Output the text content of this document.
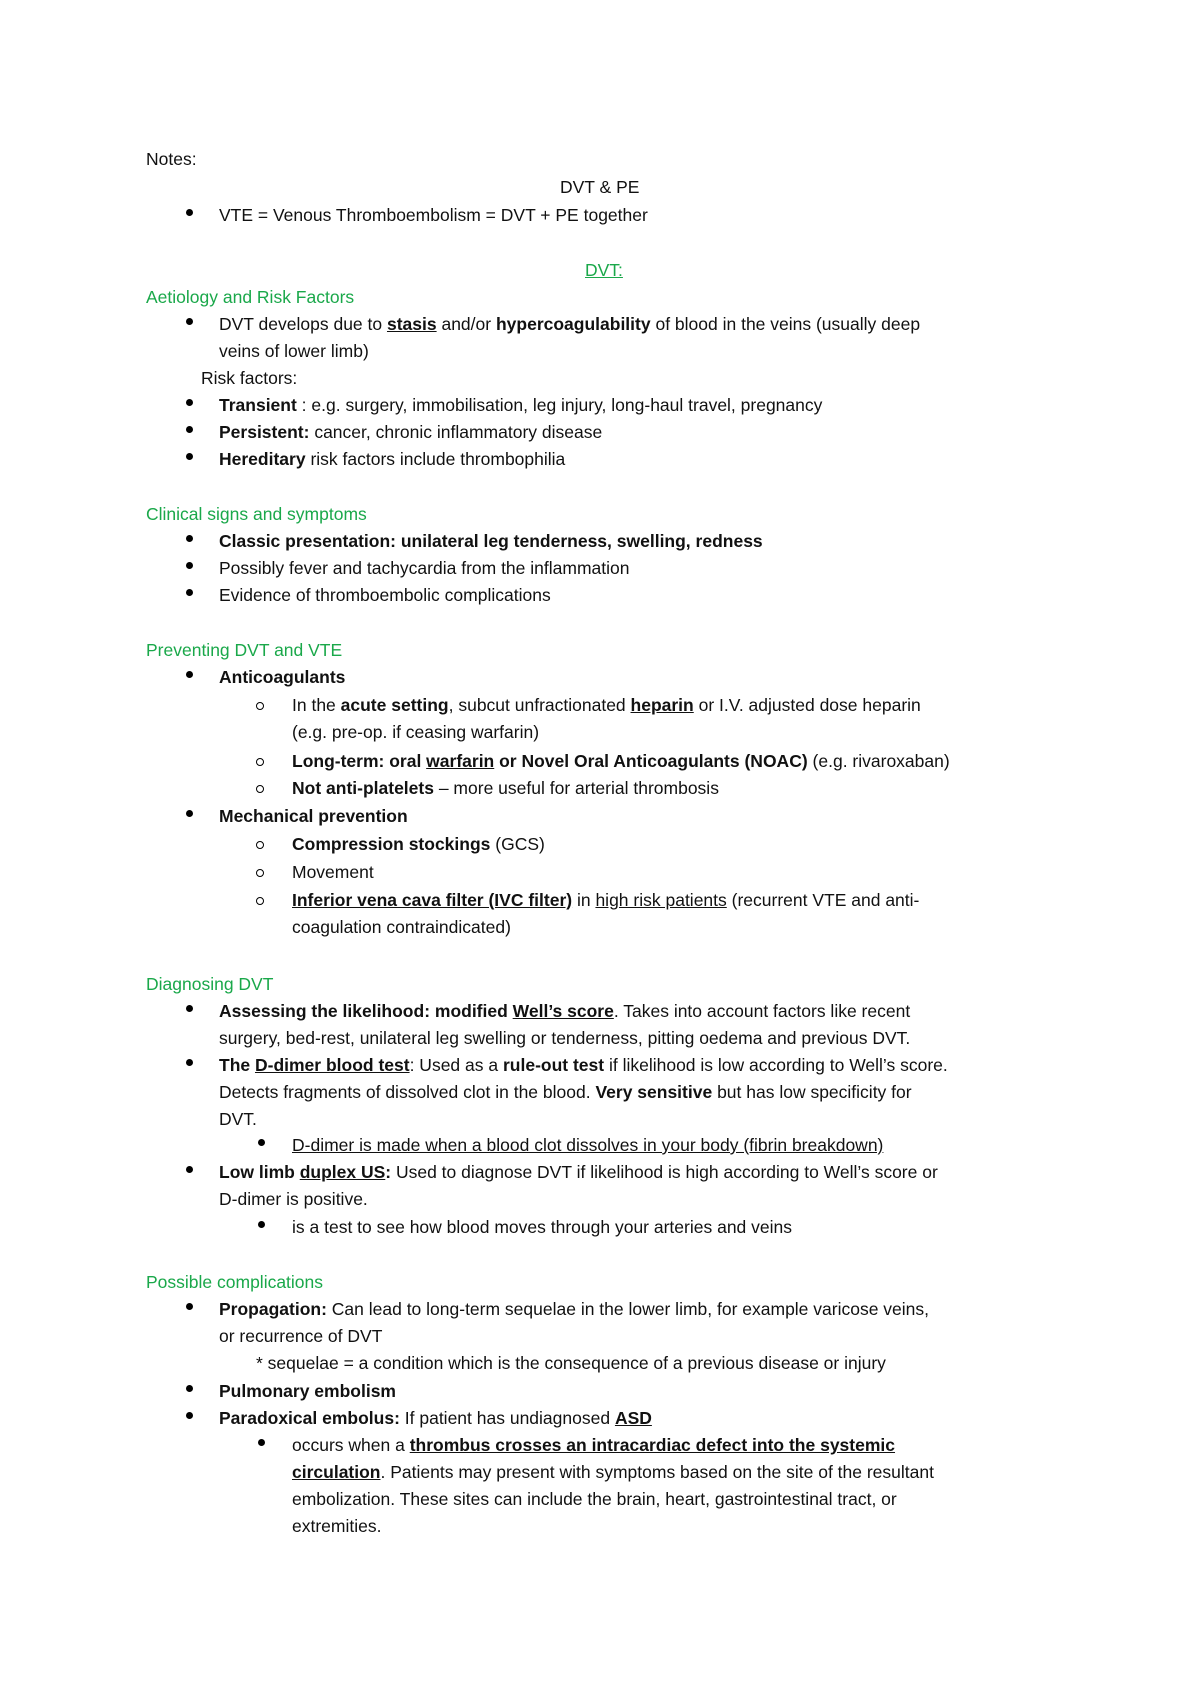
Notes:
DVT & PE
VTE = Venous Thromboembolism = DVT + PE together
DVT:
Aetiology and Risk Factors
DVT develops due to stasis and/or hypercoagulability of blood in the veins (usually deep
veins of lower limb)
Risk factors:
Transient : e.g. surgery, immobilisation, leg injury, long-haul travel, pregnancy
Persistent: cancer, chronic inflammatory disease
Hereditary risk factors include thrombophilia
Clinical signs and symptoms
Classic presentation: unilateral leg tenderness, swelling, redness
Possibly fever and tachycardia from the inflammation
Evidence of thromboembolic complications
Preventing DVT and VTE
Anticoagulants
In the acute setting, subcut unfractionated heparin or I.V. adjusted dose heparin
(e.g. pre-op. if ceasing warfarin)
Long-term: oral warfarin or Novel Oral Anticoagulants (NOAC) (e.g. rivaroxaban)
Not anti-platelets – more useful for arterial thrombosis
Mechanical prevention
Compression stockings (GCS)
Movement
Inferior vena cava filter (IVC filter) in high risk patients (recurrent VTE and anti-
coagulation contraindicated)
Diagnosing DVT
Assessing the likelihood: modified Well’s score. Takes into account factors like recent
surgery, bed-rest, unilateral leg swelling or tenderness, pitting oedema and previous DVT.
The D-dimer blood test: Used as a rule-out test if likelihood is low according to Well’s score.
Detects fragments of dissolved clot in the blood. Very sensitive but has low specificity for
DVT.
D-dimer is made when a blood clot dissolves in your body (fibrin breakdown)
Low limb duplex US: Used to diagnose DVT if likelihood is high according to Well’s score or
D-dimer is positive.
is a test to see how blood moves through your arteries and veins
Possible complications
Propagation: Can lead to long-term sequelae in the lower limb, for example varicose veins,
or recurrence of DVT
* sequelae = a condition which is the consequence of a previous disease or injury
Pulmonary embolism
Paradoxical embolus: If patient has undiagnosed ASD
occurs when a thrombus crosses an intracardiac defect into the systemic
circulation. Patients may present with symptoms based on the site of the resultant
embolization. These sites can include the brain, heart, gastrointestinal tract, or
extremities.
